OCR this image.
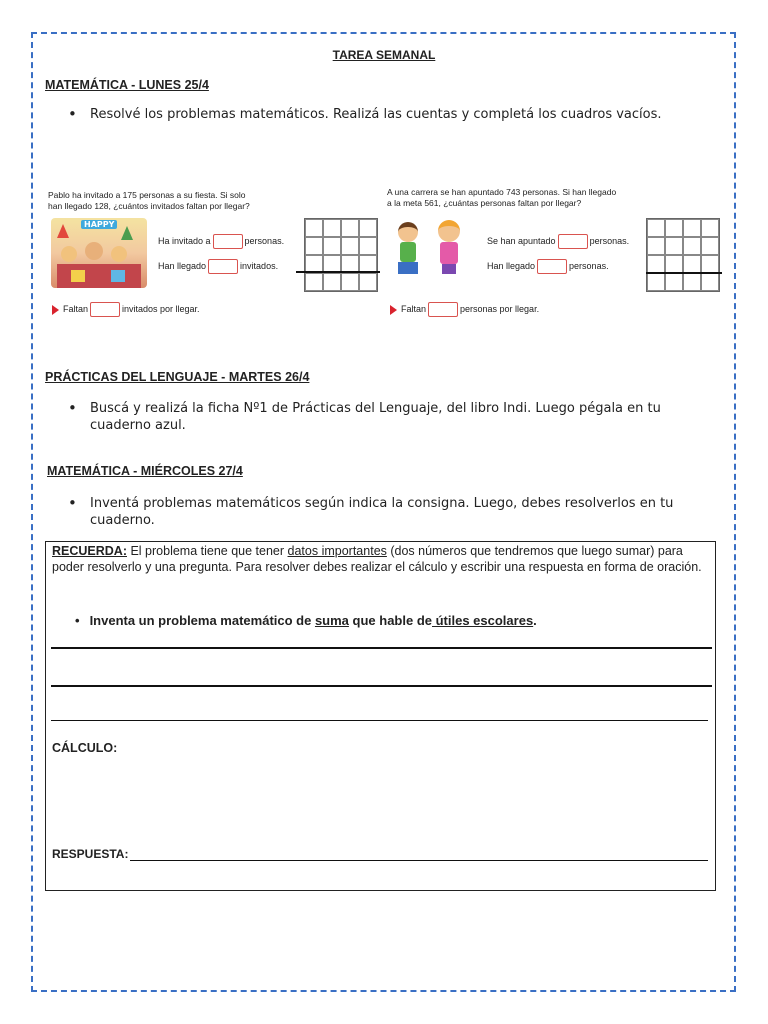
TAREA SEMANAL
MATEMÁTICA - LUNES 25/4
• Resolvé los problemas matemáticos. Realizá las cuentas y completá los cuadros vacíos.
Pablo ha invitado a 175 personas a su fiesta. Si solo
han llegado 128, ¿cuántos invitados faltan por llegar?
HAPPY
Ha invitado a	personas.
Han llegado	invitados.
Faltan	invitados por llegar.
A una carrera se han apuntado 743 personas. Si han llegado
a la meta 561, ¿cuántas personas faltan por llegar?
Se han apuntado	personas.
Han llegado	personas.
Faltan	personas por llegar.
PRÁCTICAS DEL LENGUAJE - MARTES 26/4
• Buscá y realizá la ficha Nº1 de Prácticas del Lenguaje, del libro Indi. Luego pégala en tu cuaderno azul.
MATEMÁTICA - MIÉRCOLES 27/4
• Inventá problemas matemáticos según indica la consigna. Luego, debes resolverlos en tu cuaderno.
RECUERDA: El problema tiene que tener datos importantes (dos números que tendremos que luego sumar) para poder resolverlo y una pregunta. Para resolver debes realizar el cálculo y escribir una respuesta en forma de oración.
• Inventa un problema matemático de suma que hable de útiles escolares.
CÁLCULO:
RESPUESTA:
